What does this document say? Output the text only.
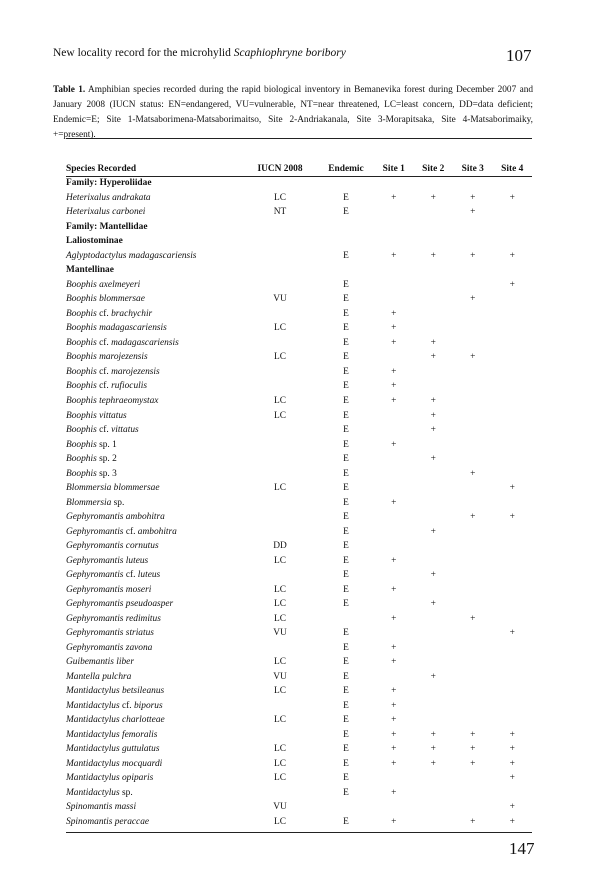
New locality record for the microhylid Scaphiophryne boribory	107
Table 1. Amphibian species recorded during the rapid biological inventory in Bemanevika forest during December 2007 and January 2008 (IUCN status: EN=endangered, VU=vulnerable, NT=near threatened, LC=least concern, DD=data deficient; Endemic=E; Site 1-Matsaborimena-Matsaborimaitso, Site 2-Andriakanala, Site 3-Morapitsaka, Site 4-Matsaborimaiky, +=present).
Species Recorded	IUCN 2008	Endemic	Site 1	Site 2	Site 3	Site 4
Family: Hyperoliidae						
Heterixalus andrakata	LC	E	+	+	+	+
Heterixalus carbonei	NT	E			+	
Family: Mantellidae						
Laliostominae						
Aglyptodactylus madagascariensis		E	+	+	+	+
Mantellinae						
Boophis axelmeyeri		E				+
Boophis blommersae	VU	E			+	
Boophis cf. brachychir		E	+			
Boophis madagascariensis	LC	E	+			
Boophis cf. madagascariensis		E	+	+		
Boophis marojezensis	LC	E		+	+	
Boophis cf. marojezensis		E	+			
Boophis cf. rufioculis		E	+			
Boophis tephraeomystax	LC	E	+	+		
Boophis vittatus	LC	E		+		
Boophis cf. vittatus		E		+		
Boophis sp. 1		E	+			
Boophis sp. 2		E		+		
Boophis sp. 3		E			+	
Blommersia blommersae	LC	E				+
Blommersia sp.		E	+			
Gephyromantis ambohitra		E			+	+
Gephyromantis cf. ambohitra		E		+		
Gephyromantis cornutus	DD	E				
Gephyromantis luteus	LC	E	+			
Gephyromantis cf. luteus		E		+		
Gephyromantis moseri	LC	E	+			
Gephyromantis pseudoasper	LC	E		+		
Gephyromantis redimitus	LC		+		+	
Gephyromantis striatus	VU	E				+
Gephyromantis zavona		E	+			
Guibemantis liber	LC	E	+			
Mantella pulchra	VU	E		+		
Mantidactylus betsileanus	LC	E	+			
Mantidactylus cf. biporus		E	+			
Mantidactylus charlotteae	LC	E	+			
Mantidactylus femoralis		E	+	+	+	+
Mantidactylus guttulatus	LC	E	+	+	+	+
Mantidactylus mocquardi	LC	E	+	+	+	+
Mantidactylus opiparis	LC	E				+
Mantidactylus sp.		E	+			
Spinomantis massi	VU					+
Spinomantis peraccae	LC	E	+		+	+
147
